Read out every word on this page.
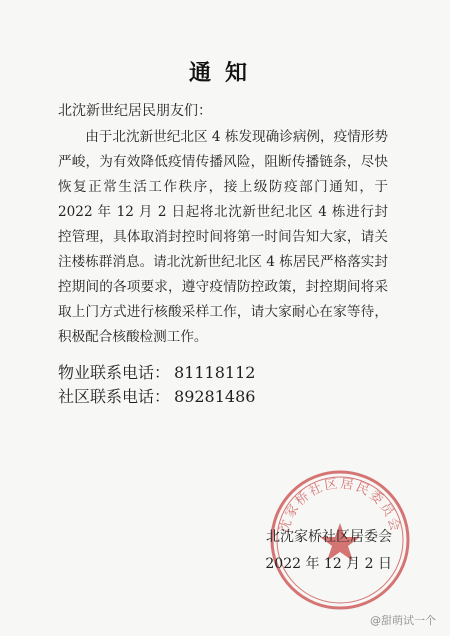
通知
北沈新世纪居民朋友们：
由于北沈新世纪北区 4 栋发现确诊病例，疫情形势严峻，为有效降低疫情传播风险，阻断传播链条，尽快恢复正常生活工作秩序，接上级防疫部门通知，于 2022 年 12 月 2 日起将北沈新世纪北区 4 栋进行封控管理，具体取消封控时间将第一时间告知大家，请关注楼栋群消息。请北沈新世纪北区 4 栋居民严格落实封控期间的各项要求，遵守疫情防控政策，封控期间将采取上门方式进行核酸采样工作，请大家耐心在家等待，积极配合核酸检测工作。
物业联系电话： 81118112
社区联系电话： 89281486
沈家桥社区居民委员会
北沈家桥社区居委会
2022 年 12 月 2 日
@甜萌试一个
